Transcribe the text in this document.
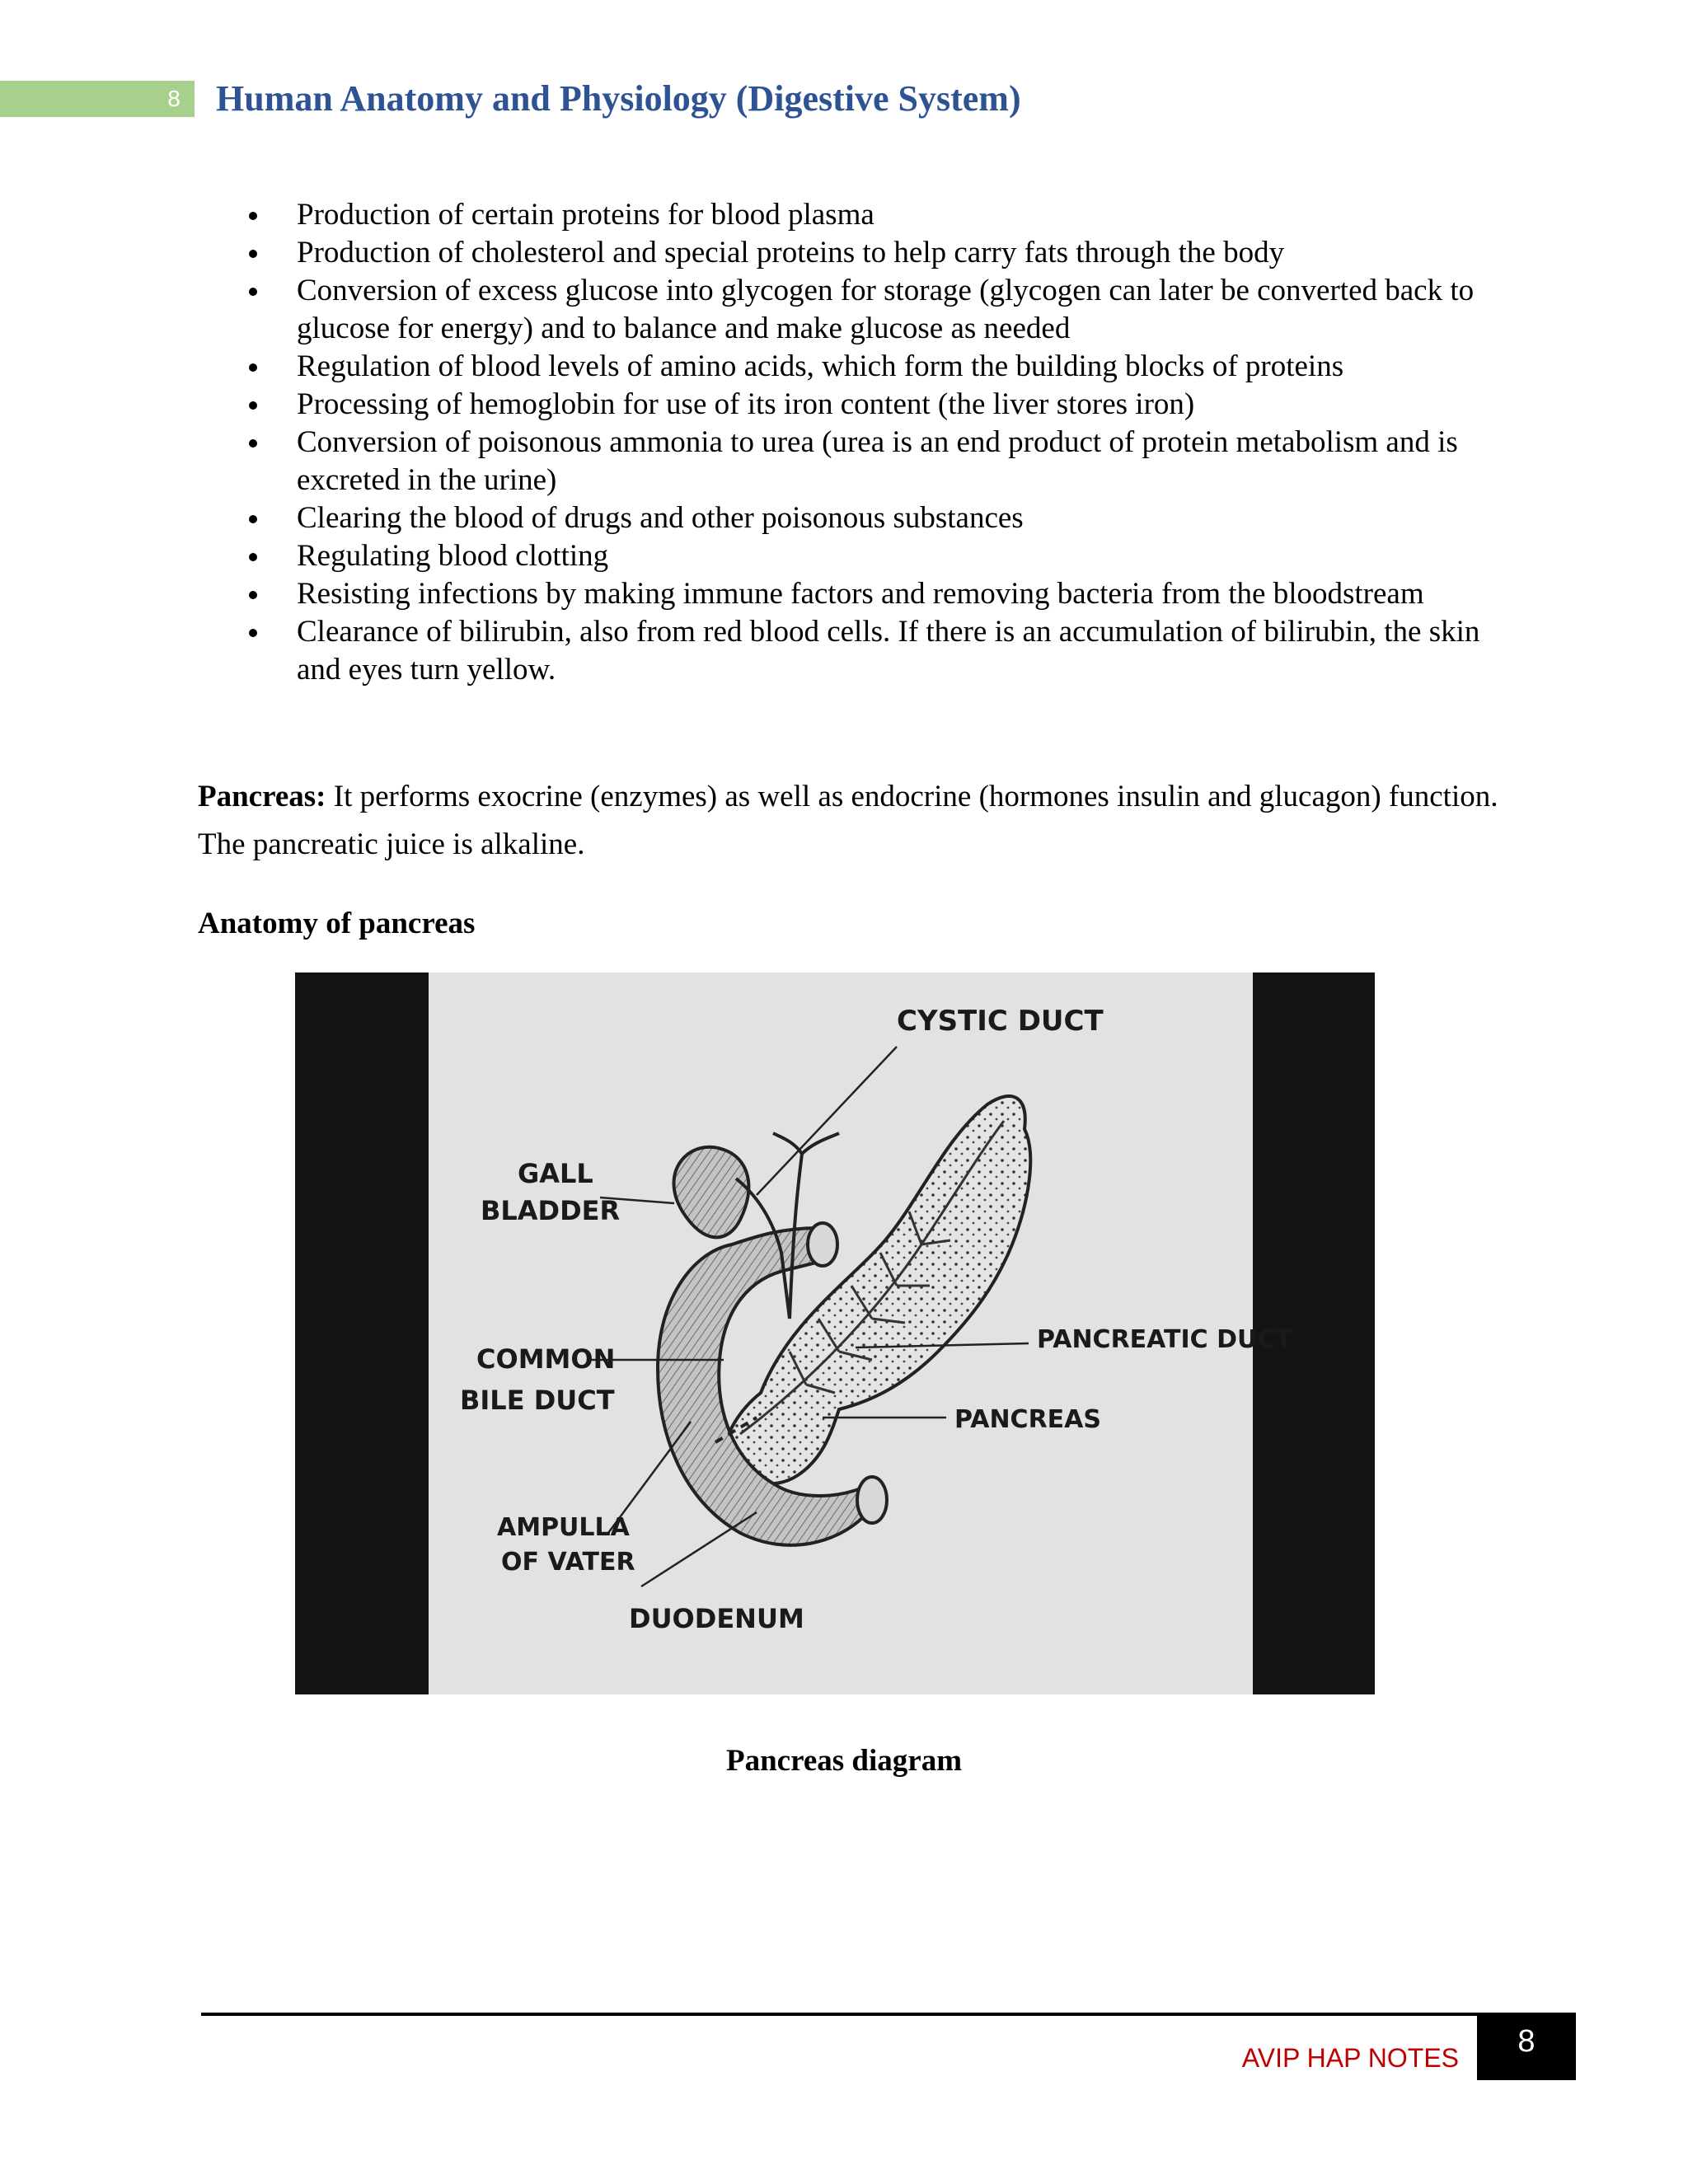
8 Human Anatomy and Physiology (Digestive System)
Production of certain proteins for blood plasma
Production of cholesterol and special proteins to help carry fats through the body
Conversion of excess glucose into glycogen for storage (glycogen can later be converted back to glucose for energy) and to balance and make glucose as needed
Regulation of blood levels of amino acids, which form the building blocks of proteins
Processing of hemoglobin for use of its iron content (the liver stores iron)
Conversion of poisonous ammonia to urea (urea is an end product of protein metabolism and is excreted in the urine)
Clearing the blood of drugs and other poisonous substances
Regulating blood clotting
Resisting infections by making immune factors and removing bacteria from the bloodstream
Clearance of bilirubin, also from red blood cells. If there is an accumulation of bilirubin, the skin and eyes turn yellow.

Pancreas: It performs exocrine (enzymes) as well as endocrine (hormones insulin and glucagon) function. The pancreatic juice is alkaline.

Anatomy of pancreas
CYSTIC DUCT
GALL
BLADDER
COMMON
BILE DUCT
PANCREATIC DUCT
PANCREAS
AMPULLA
OF VATER
DUODENUM
Pancreas diagram
AVIP HAP NOTES	8
